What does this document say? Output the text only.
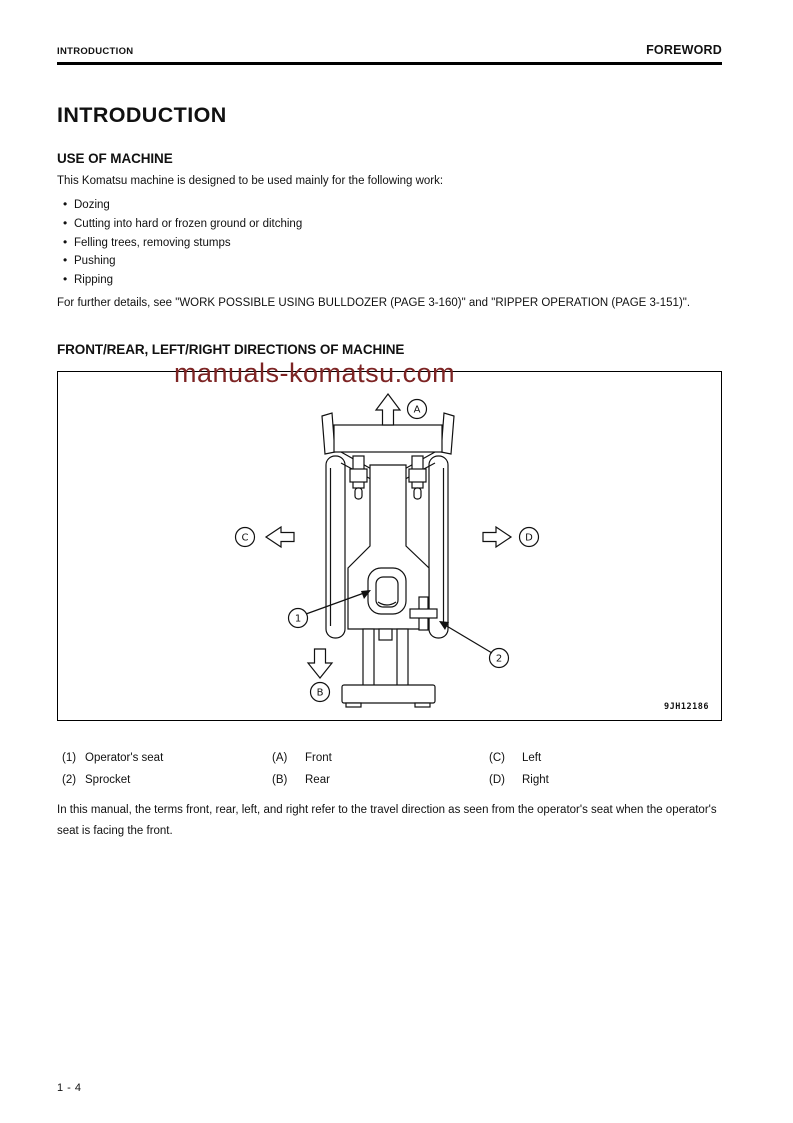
INTRODUCTION	FOREWORD
INTRODUCTION
USE OF MACHINE

This Komatsu machine is designed to be used mainly for the following work:

• Dozing
• Cutting into hard or frozen ground or ditching
• Felling trees, removing stumps
• Pushing
• Ripping

For further details, see "WORK POSSIBLE USING BULLDOZER (PAGE 3-160)" and "RIPPER OPERATION (PAGE 3-151)".

FRONT/REAR, LEFT/RIGHT DIRECTIONS OF MACHINE
manuals-komatsu.com
A
B
C	D
1
2
9JH12186
(1) Operator's seat	(A)	Front	(C)	Left
(2) Sprocket	(B)	Rear	(D)	Right

In this manual, the terms front, rear, left, and right refer to the travel direction as seen from the operator's seat when the operator's seat is facing the front.

1 - 4
